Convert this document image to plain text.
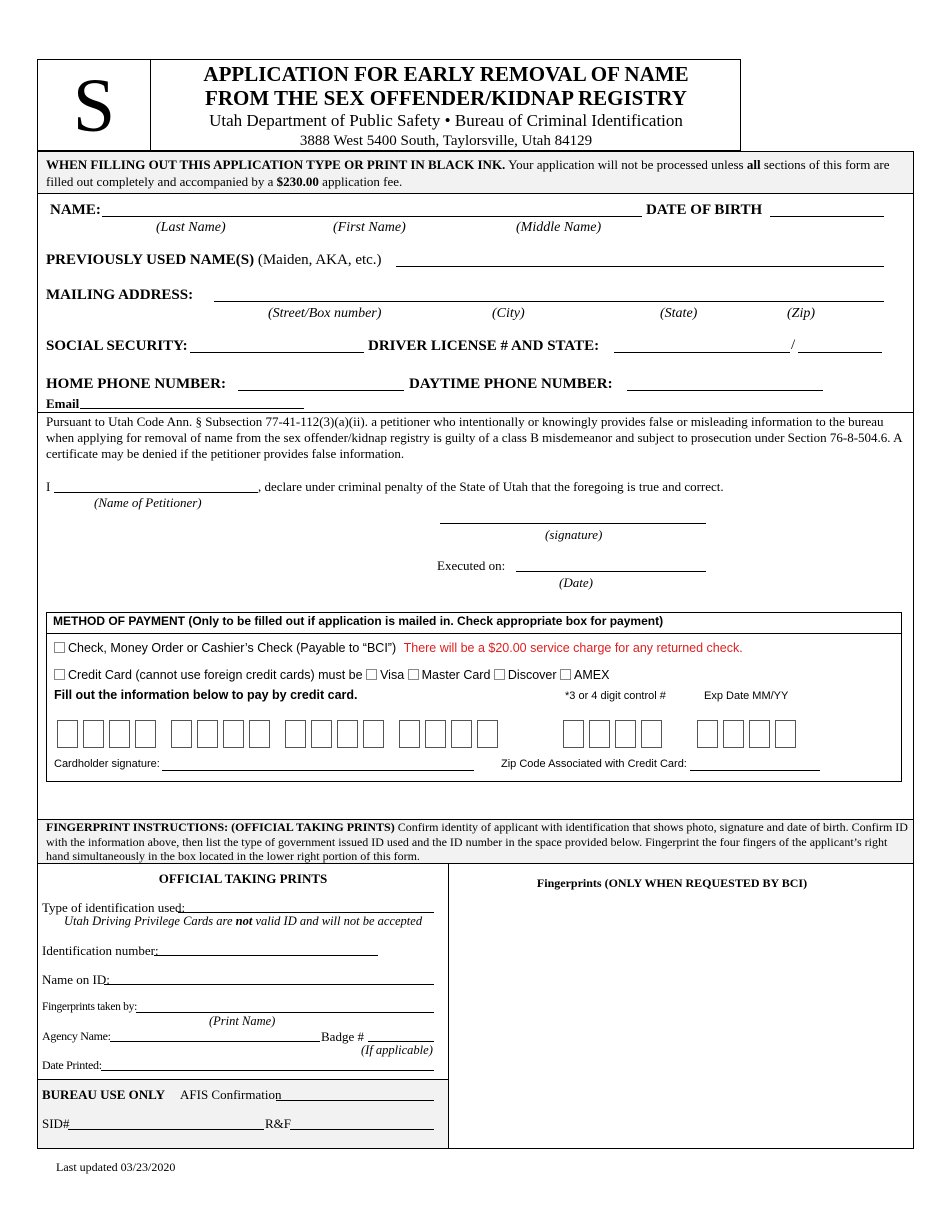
S	APPLICATION FOR EARLY REMOVAL OF NAME
FROM THE SEX OFFENDER/KIDNAP REGISTRY
Utah Department of Public Safety • Bureau of Criminal Identification
3888 West 5400 South, Taylorsville, Utah 84129
WHEN FILLING OUT THIS APPLICATION TYPE OR PRINT IN BLACK INK. Your application will not be processed unless all sections of this form are filled out completely and accompanied by a $230.00 application fee.
NAME:	DATE OF BIRTH
(Last Name)	(First Name)	(Middle Name)
PREVIOUSLY USED NAME(S) (Maiden, AKA, etc.)
MAILING ADDRESS:
(Street/Box number)	(City)	(State)	(Zip)
SOCIAL SECURITY:	DRIVER LICENSE # AND STATE:	/
HOME PHONE NUMBER:	DAYTIME PHONE NUMBER:
Email
Pursuant to Utah Code Ann. § Subsection 77-41-112(3)(a)(ii). a petitioner who intentionally or knowingly provides false or misleading information to the bureau when applying for removal of name from the sex offender/kidnap registry is guilty of a class B misdemeanor and subject to prosecution under Section 76-8-504.6. A certificate may be denied if the petitioner provides false information.
I	, declare under criminal penalty of the State of Utah that the foregoing is true and correct.
(Name of Petitioner)
(signature)
Executed on:
(Date)
METHOD OF PAYMENT (Only to be filled out if application is mailed in. Check appropriate box for payment)
Check, Money Order or Cashier’s Check (Payable to “BCI”) There will be a $20.00 service charge for any returned check.
Credit Card (cannot use foreign credit cards) must be Visa Master Card Discover AMEX
Fill out the information below to pay by credit card.	*3 or 4 digit control #	Exp Date MM/YY
Cardholder signature:	Zip Code Associated with Credit Card:
FINGERPRINT INSTRUCTIONS: (OFFICIAL TAKING PRINTS) Confirm identity of applicant with identification that shows photo, signature and date of birth. Confirm ID with the information above, then list the type of government issued ID used and the ID number in the space provided below. Fingerprint the four fingers of the applicant’s right hand simultaneously in the box located in the lower right portion of this form.
OFFICIAL TAKING PRINTS
Type of identification used:
Utah Driving Privilege Cards are not valid ID and will not be accepted
Identification number:
Name on ID:
Fingerprints taken by:
(Print Name)
Agency Name:	Badge #
(If applicable)
Date Printed:
BUREAU USE ONLY AFIS Confirmation
SID#	R&F
Fingerprints (ONLY WHEN REQUESTED BY BCI)
Last updated 03/23/2020
